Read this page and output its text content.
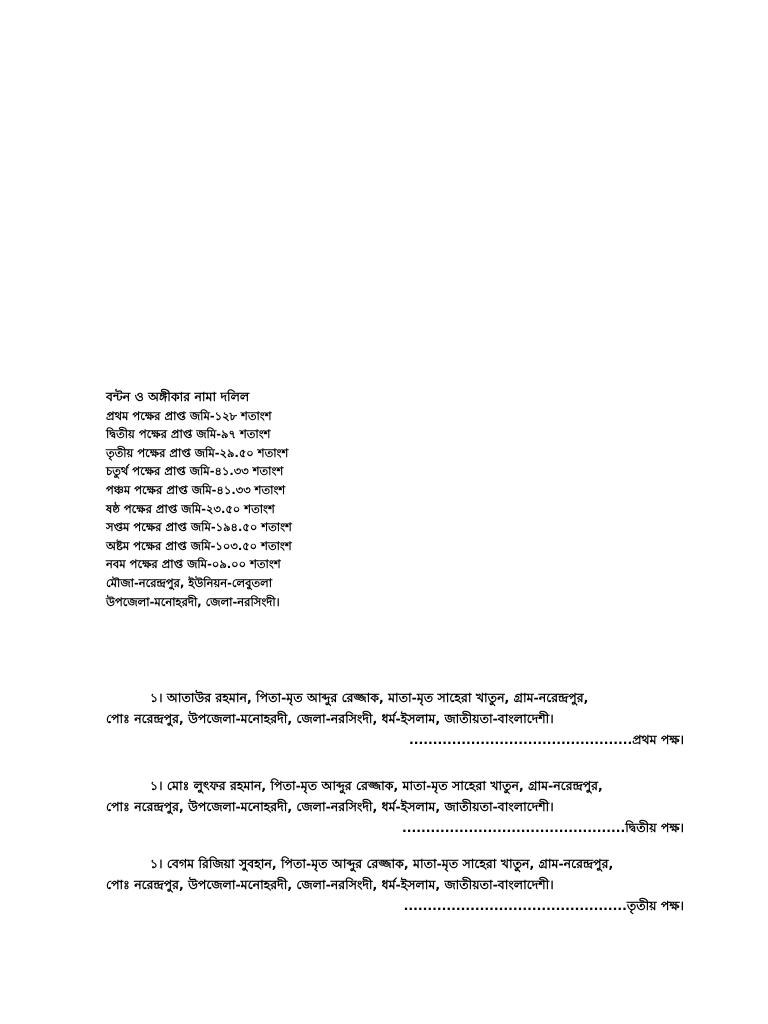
বন্টন ও অঙ্গীকার নামা দলিল
প্রথম পক্ষের প্রাপ্ত জমি-১২৮ শতাংশ
দ্বিতীয় পক্ষের প্রাপ্ত জমি-৯৭ শতাংশ
তৃতীয় পক্ষের প্রাপ্ত জমি-২৯.৫০ শতাংশ
চতুর্থ পক্ষের প্রাপ্ত জমি-৪১.৩৩ শতাংশ
পঞ্চম পক্ষের প্রাপ্ত জমি-৪১.৩৩ শতাংশ
ষষ্ঠ পক্ষের প্রাপ্ত জমি-২৩.৫০ শতাংশ
সপ্তম পক্ষের প্রাপ্ত জমি-১৯৪.৫০ শতাংশ
অষ্টম পক্ষের প্রাপ্ত জমি-১০৩.৫০ শতাংশ
নবম পক্ষের প্রাপ্ত জমি-০৯.০০ শতাংশ
মৌজা-নরেন্দ্রপুর, ইউনিয়ন-লেবুতলা
উপজেলা-মনোহরদী, জেলা-নরসিংদী।
১। আতাউর রহমান, পিতা-মৃত আব্দুর রেজ্জাক, মাতা-মৃত সাহেরা খাতুন, গ্রাম-নরেন্দ্রপুর,
পোঃ নরেন্দ্রপুর, উপজেলা-মনোহরদী, জেলা-নরসিংদী, ধর্ম-ইসলাম, জাতীয়তা-বাংলাদেশী।
...............................................প্রথম পক্ষ।
১। মোঃ লুৎফর রহমান, পিতা-মৃত আব্দুর রেজ্জাক, মাতা-মৃত সাহেরা খাতুন, গ্রাম-নরেন্দ্রপুর,
পোঃ নরেন্দ্রপুর, উপজেলা-মনোহরদী, জেলা-নরসিংদী, ধর্ম-ইসলাম, জাতীয়তা-বাংলাদেশী।
...............................................দ্বিতীয় পক্ষ।
১। বেগম রিজিয়া সুবহান, পিতা-মৃত আব্দুর রেজ্জাক, মাতা-মৃত সাহেরা খাতুন, গ্রাম-নরেন্দ্রপুর,
পোঃ নরেন্দ্রপুর, উপজেলা-মনোহরদী, জেলা-নরসিংদী, ধর্ম-ইসলাম, জাতীয়তা-বাংলাদেশী।
...............................................তৃতীয় পক্ষ।
